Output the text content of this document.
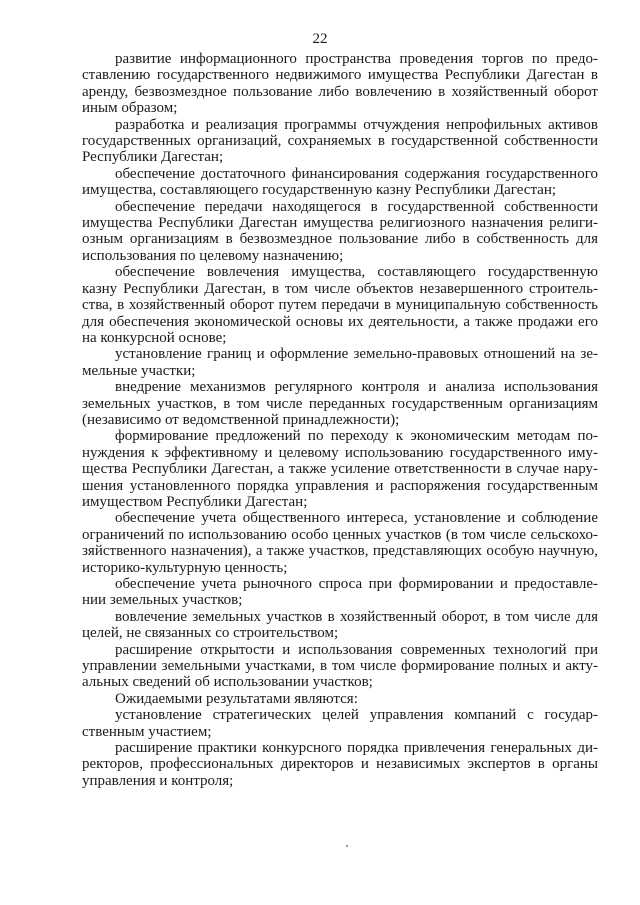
22

развитие информационного пространства проведения торгов по предо-ставлению государственного недвижимого имущества Республики Дагестан в аренду, безвозмездное пользование либо вовлечению в хозяйственный оборот иным образом;

разработка и реализация программы отчуждения непрофильных активов государственных организаций, сохраняемых в государственной собственности Республики Дагестан;

обеспечение достаточного финансирования содержания государственного имущества, составляющего государственную казну Республики Дагестан;

обеспечение передачи находящегося в государственной собственности имущества Республики Дагестан имущества религиозного назначения религи-озным организациям в безвозмездное пользование либо в собственность для использования по целевому назначению;

обеспечение вовлечения имущества, составляющего государственную казну Республики Дагестан, в том числе объектов незавершенного строитель-ства, в хозяйственный оборот путем передачи в муниципальную собственность для обеспечения экономической основы их деятельности, а также продажи его на конкурсной основе;

установление границ и оформление земельно-правовых отношений на зе-мельные участки;

внедрение механизмов регулярного контроля и анализа использования земельных участков, в том числе переданных государственным организациям (независимо от ведомственной принадлежности);

формирование предложений по переходу к экономическим методам по-нуждения к эффективному и целевому использованию государственного иму-щества Республики Дагестан, а также усиление ответственности в случае нару-шения установленного порядка управления и распоряжения государственным имуществом Республики Дагестан;

обеспечение учета общественного интереса, установление и соблюдение ограничений по использованию особо ценных участков (в том числе сельскохо-зяйственного назначения), а также участков, представляющих особую научную, историко-культурную ценность;

обеспечение учета рыночного спроса при формировании и предоставле-нии земельных участков;

вовлечение земельных участков в хозяйственный оборот, в том числе для целей, не связанных со строительством;

расширение открытости и использования современных технологий при управлении земельными участками, в том числе формирование полных и акту-альных сведений об использовании участков;

Ожидаемыми результатами являются:

установление стратегических целей управления компаний с государ-ственным участием;

расширение практики конкурсного порядка привлечения генеральных ди-ректоров, профессиональных директоров и независимых экспертов в органы управления и контроля;
